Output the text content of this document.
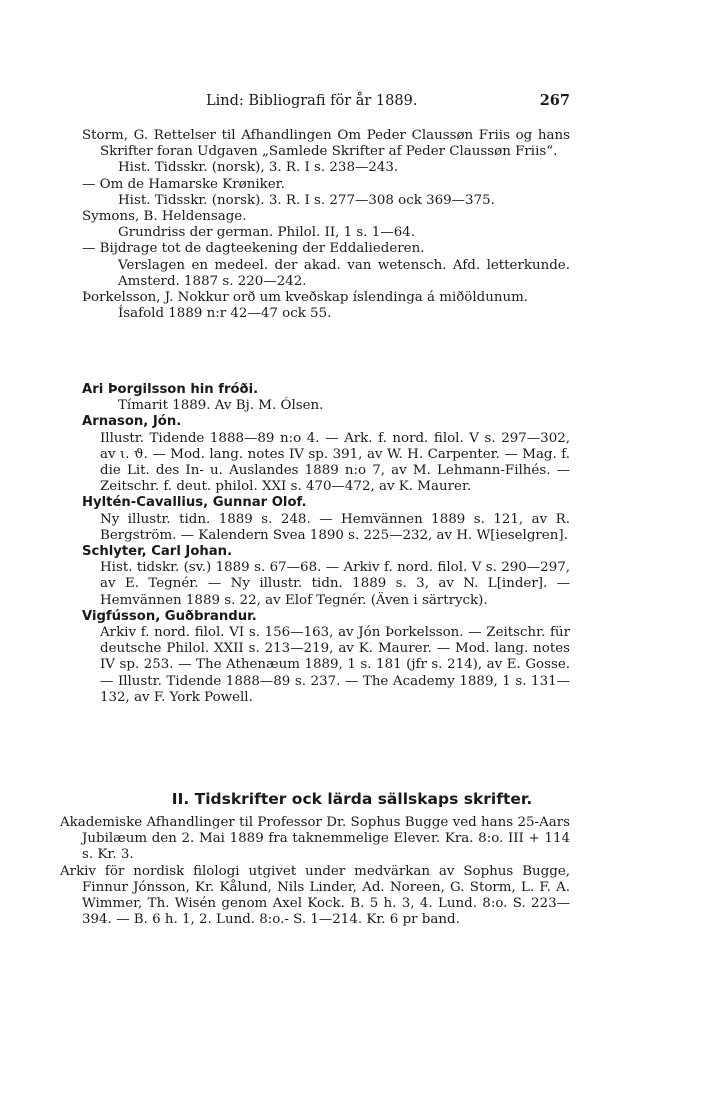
Lind: Bibliografi för år 1889.	267

Storm, G. Rettelser til Afhandlingen Om Peder Claussøn Friis og hans Skrifter foran Udgaven „Samlede Skrifter af Peder Claussøn Friis“.

Hist. Tidsskr. (norsk), 3. R. I s. 238—243.

— Om de Hamarske Krøniker.

Hist. Tidsskr. (norsk). 3. R. I s. 277—308 ock 369—375.

Symons, B. Heldensage.

Grundriss der german. Philol. II, 1 s. 1—64.

— Bijdrage tot de dagteekening der Eddaliederen.

Verslagen en medeel. der akad. van wetensch. Afd. letterkunde. Amsterd. 1887 s. 220—242.

Þorkelsson, J. Nokkur orð um kveðskap íslendinga á miðöldunum.

Ísafold 1889 n:r 42—47 ock 55.

Ari Þorgilsson hin fróði.

Tímarit 1889. Av Bj. M. Ólsen.

Arnason, Jón.

Illustr. Tidende 1888—89 n:o 4. — Ark. f. nord. filol. V s. 297—302, av ι. ϑ. — Mod. lang. notes IV sp. 391, av W. H. Carpenter. — Mag. f. die Lit. des In- u. Auslandes 1889 n:o 7, av M. Lehmann-Filhés. — Zeitschr. f. deut. philol. XXI s. 470—472, av K. Maurer.

Hyltén-Cavallius, Gunnar Olof.

Ny illustr. tidn. 1889 s. 248. — Hemvännen 1889 s. 121, av R. Bergström. — Kalendern Svea 1890 s. 225—232, av H. W[ieselgren].

Schlyter, Carl Johan.

Hist. tidskr. (sv.) 1889 s. 67—68. — Arkiv f. nord. filol. V s. 290—297, av E. Tegnér. — Ny illustr. tidn. 1889 s. 3, av N. L[inder]. — Hemvännen 1889 s. 22, av Elof Tegnér. (Även i särtryck).

Vigfússon, Guðbrandur.

Arkiv f. nord. filol. VI s. 156—163, av Jón Þorkelsson. — Zeitschr. für deutsche Philol. XXII s. 213—219, av K. Maurer. — Mod. lang. notes IV sp. 253. — The Athenæum 1889, 1 s. 181 (jfr s. 214), av E. Gosse. — Illustr. Tidende 1888—89 s. 237. — The Academy 1889, 1 s. 131—132, av F. York Powell.

II. Tidskrifter ock lärda sällskaps skrifter.

Akademiske Afhandlinger til Professor Dr. Sophus Bugge ved hans 25-Aars Jubilæum den 2. Mai 1889 fra taknemmelige Elever. Kra. 8:o. III + 114 s. Kr. 3.

Arkiv för nordisk filologi utgivet under medvärkan av Sophus Bugge, Finnur Jónsson, Kr. Kålund, Nils Linder, Ad. Noreen, G. Storm, L. F. A. Wimmer, Th. Wisén genom Axel Kock. B. 5 h. 3, 4. Lund. 8:o. S. 223—394. — B. 6 h. 1, 2. Lund. 8:o.- S. 1—214. Kr. 6 pr band.
